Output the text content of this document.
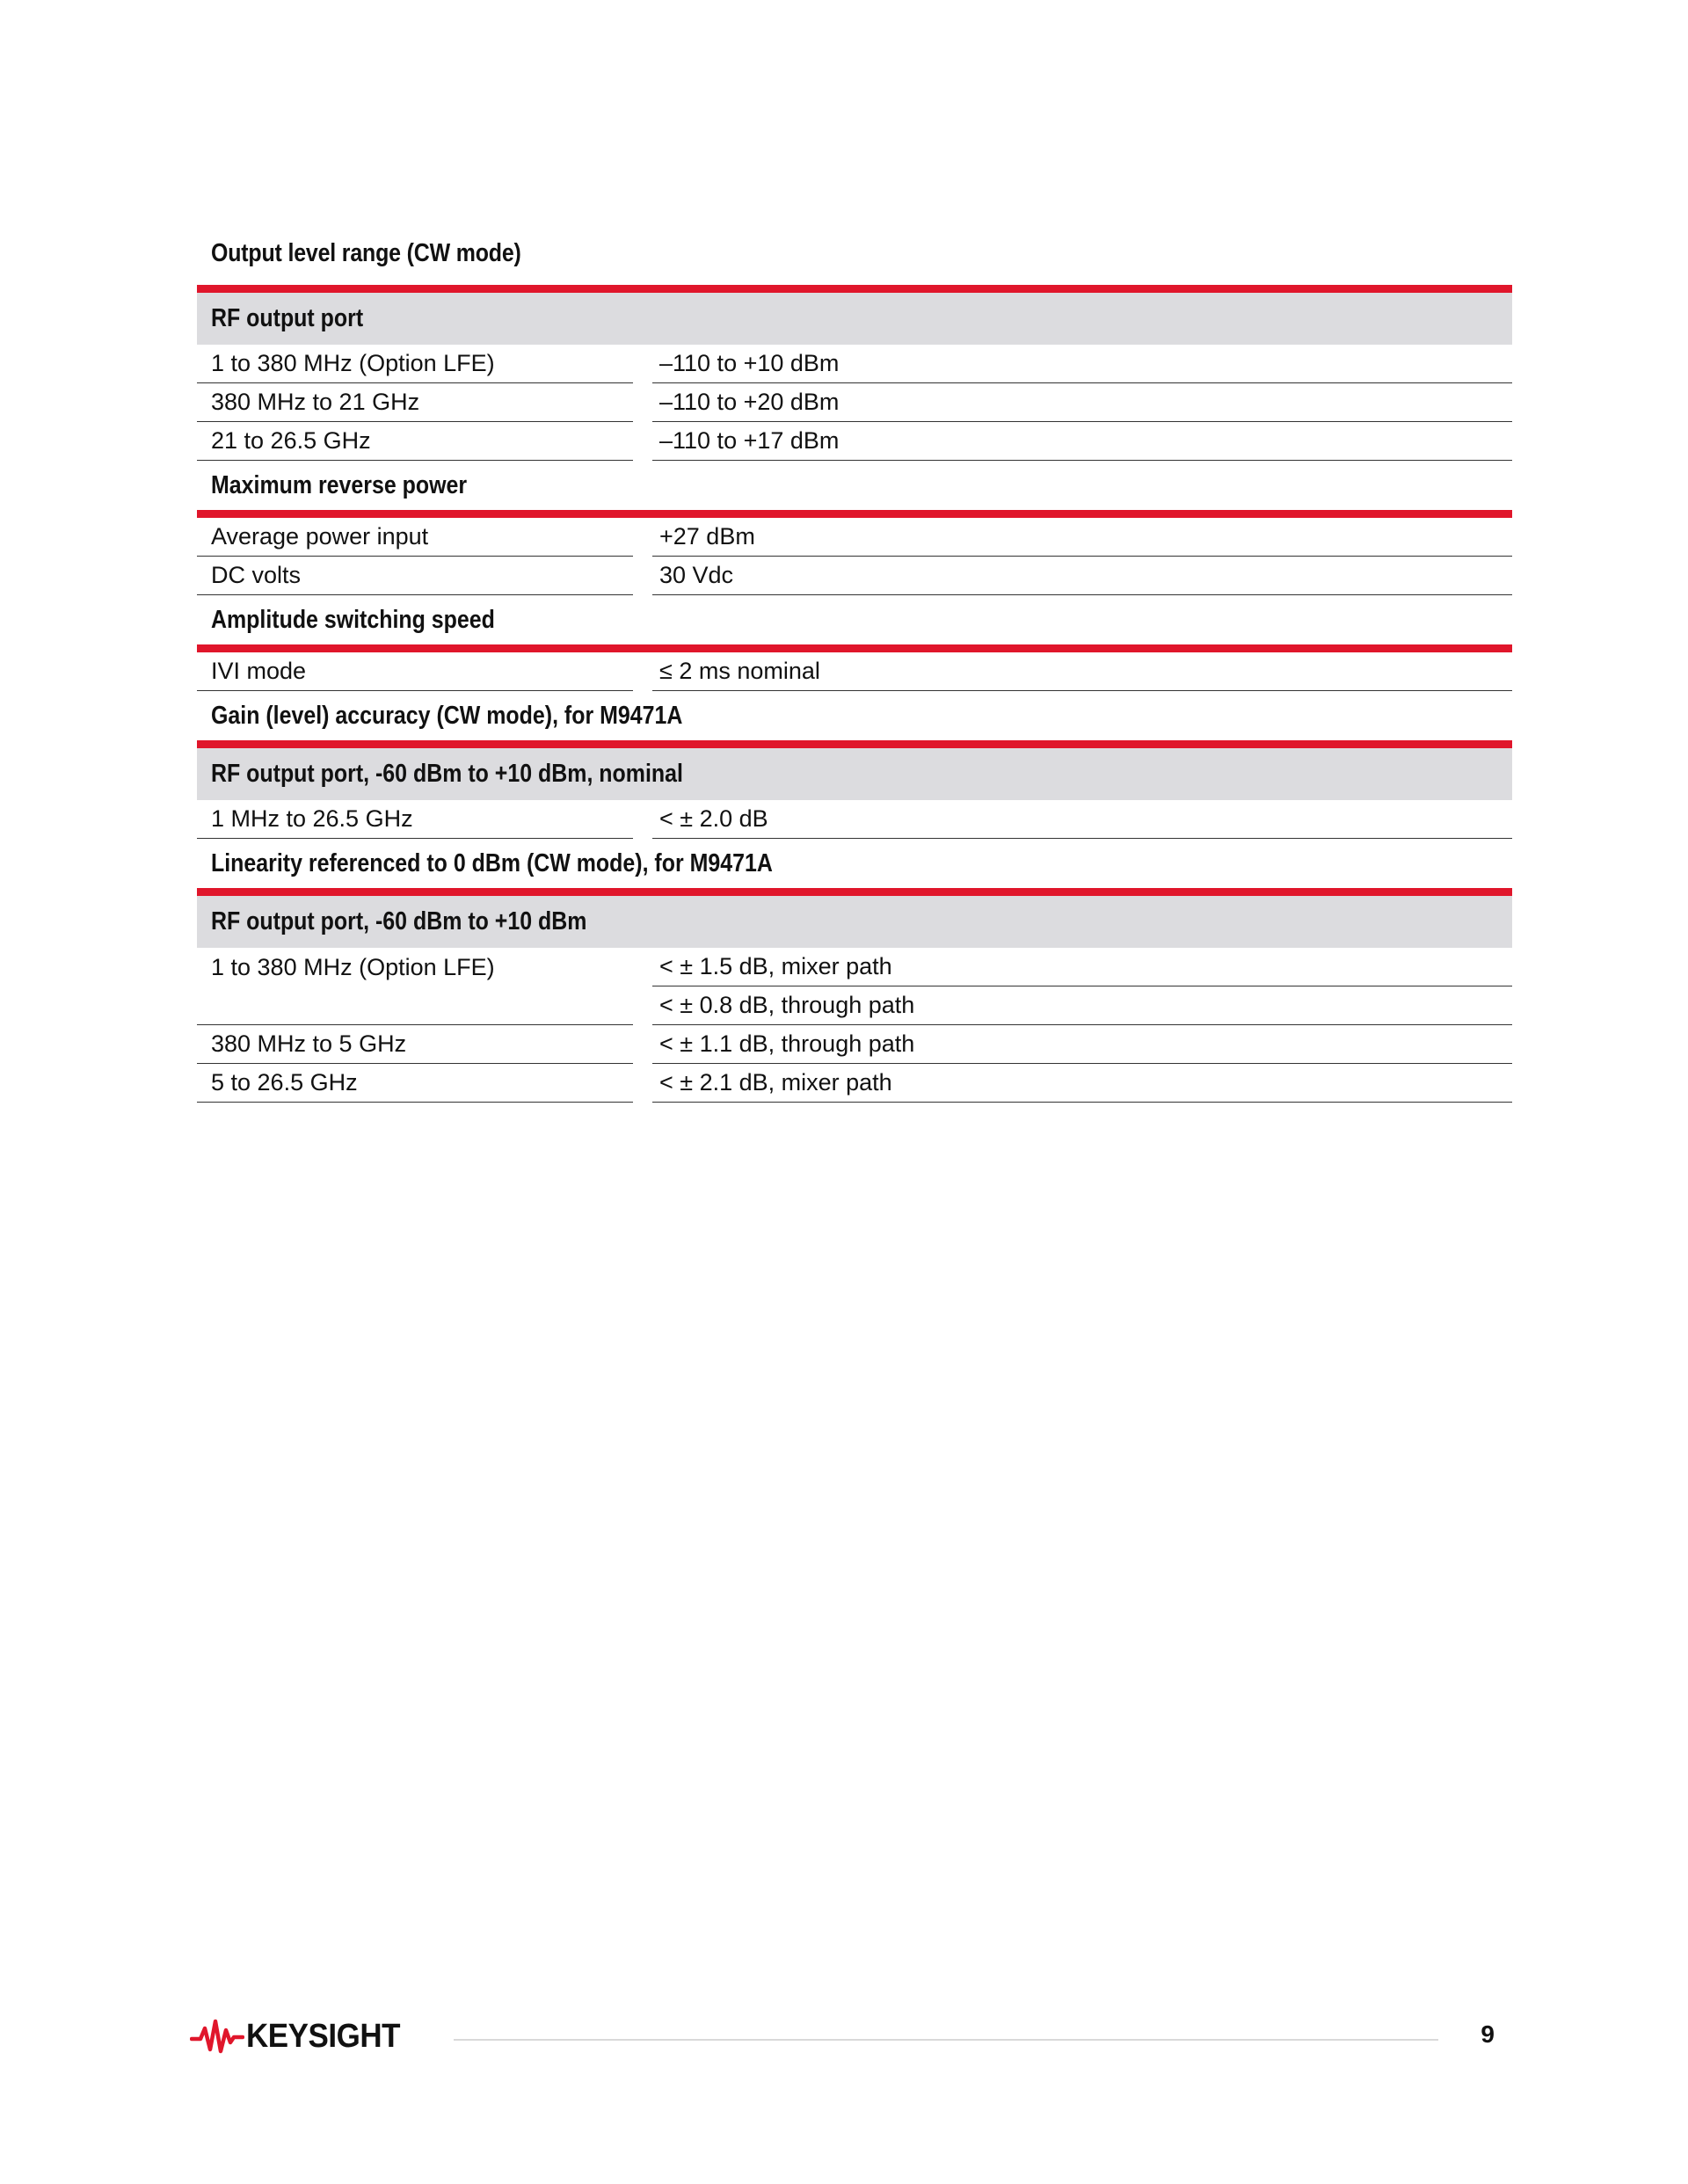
Output level range (CW mode)
RF output port
1 to 380 MHz (Option LFE)	–110 to +10 dBm
380 MHz to 21 GHz	–110 to +20 dBm
21 to 26.5 GHz	–110 to +17 dBm
Maximum reverse power
Average power input	+27 dBm
DC volts	30 Vdc
Amplitude switching speed
IVI mode	≤ 2 ms nominal
Gain (level) accuracy (CW mode), for M9471A
RF output port, ‑60 dBm to +10 dBm, nominal
1 MHz to 26.5 GHz	< ± 2.0 dB
Linearity referenced to 0 dBm (CW mode), for M9471A
RF output port, ‑60 dBm to +10 dBm
1 to 380 MHz (Option LFE)	< ± 1.5 dB, mixer path
< ± 0.8 dB, through path
380 MHz to 5 GHz	< ± 1.1 dB, through path
5 to 26.5 GHz	< ± 2.1 dB, mixer path
KEYSIGHT	9
